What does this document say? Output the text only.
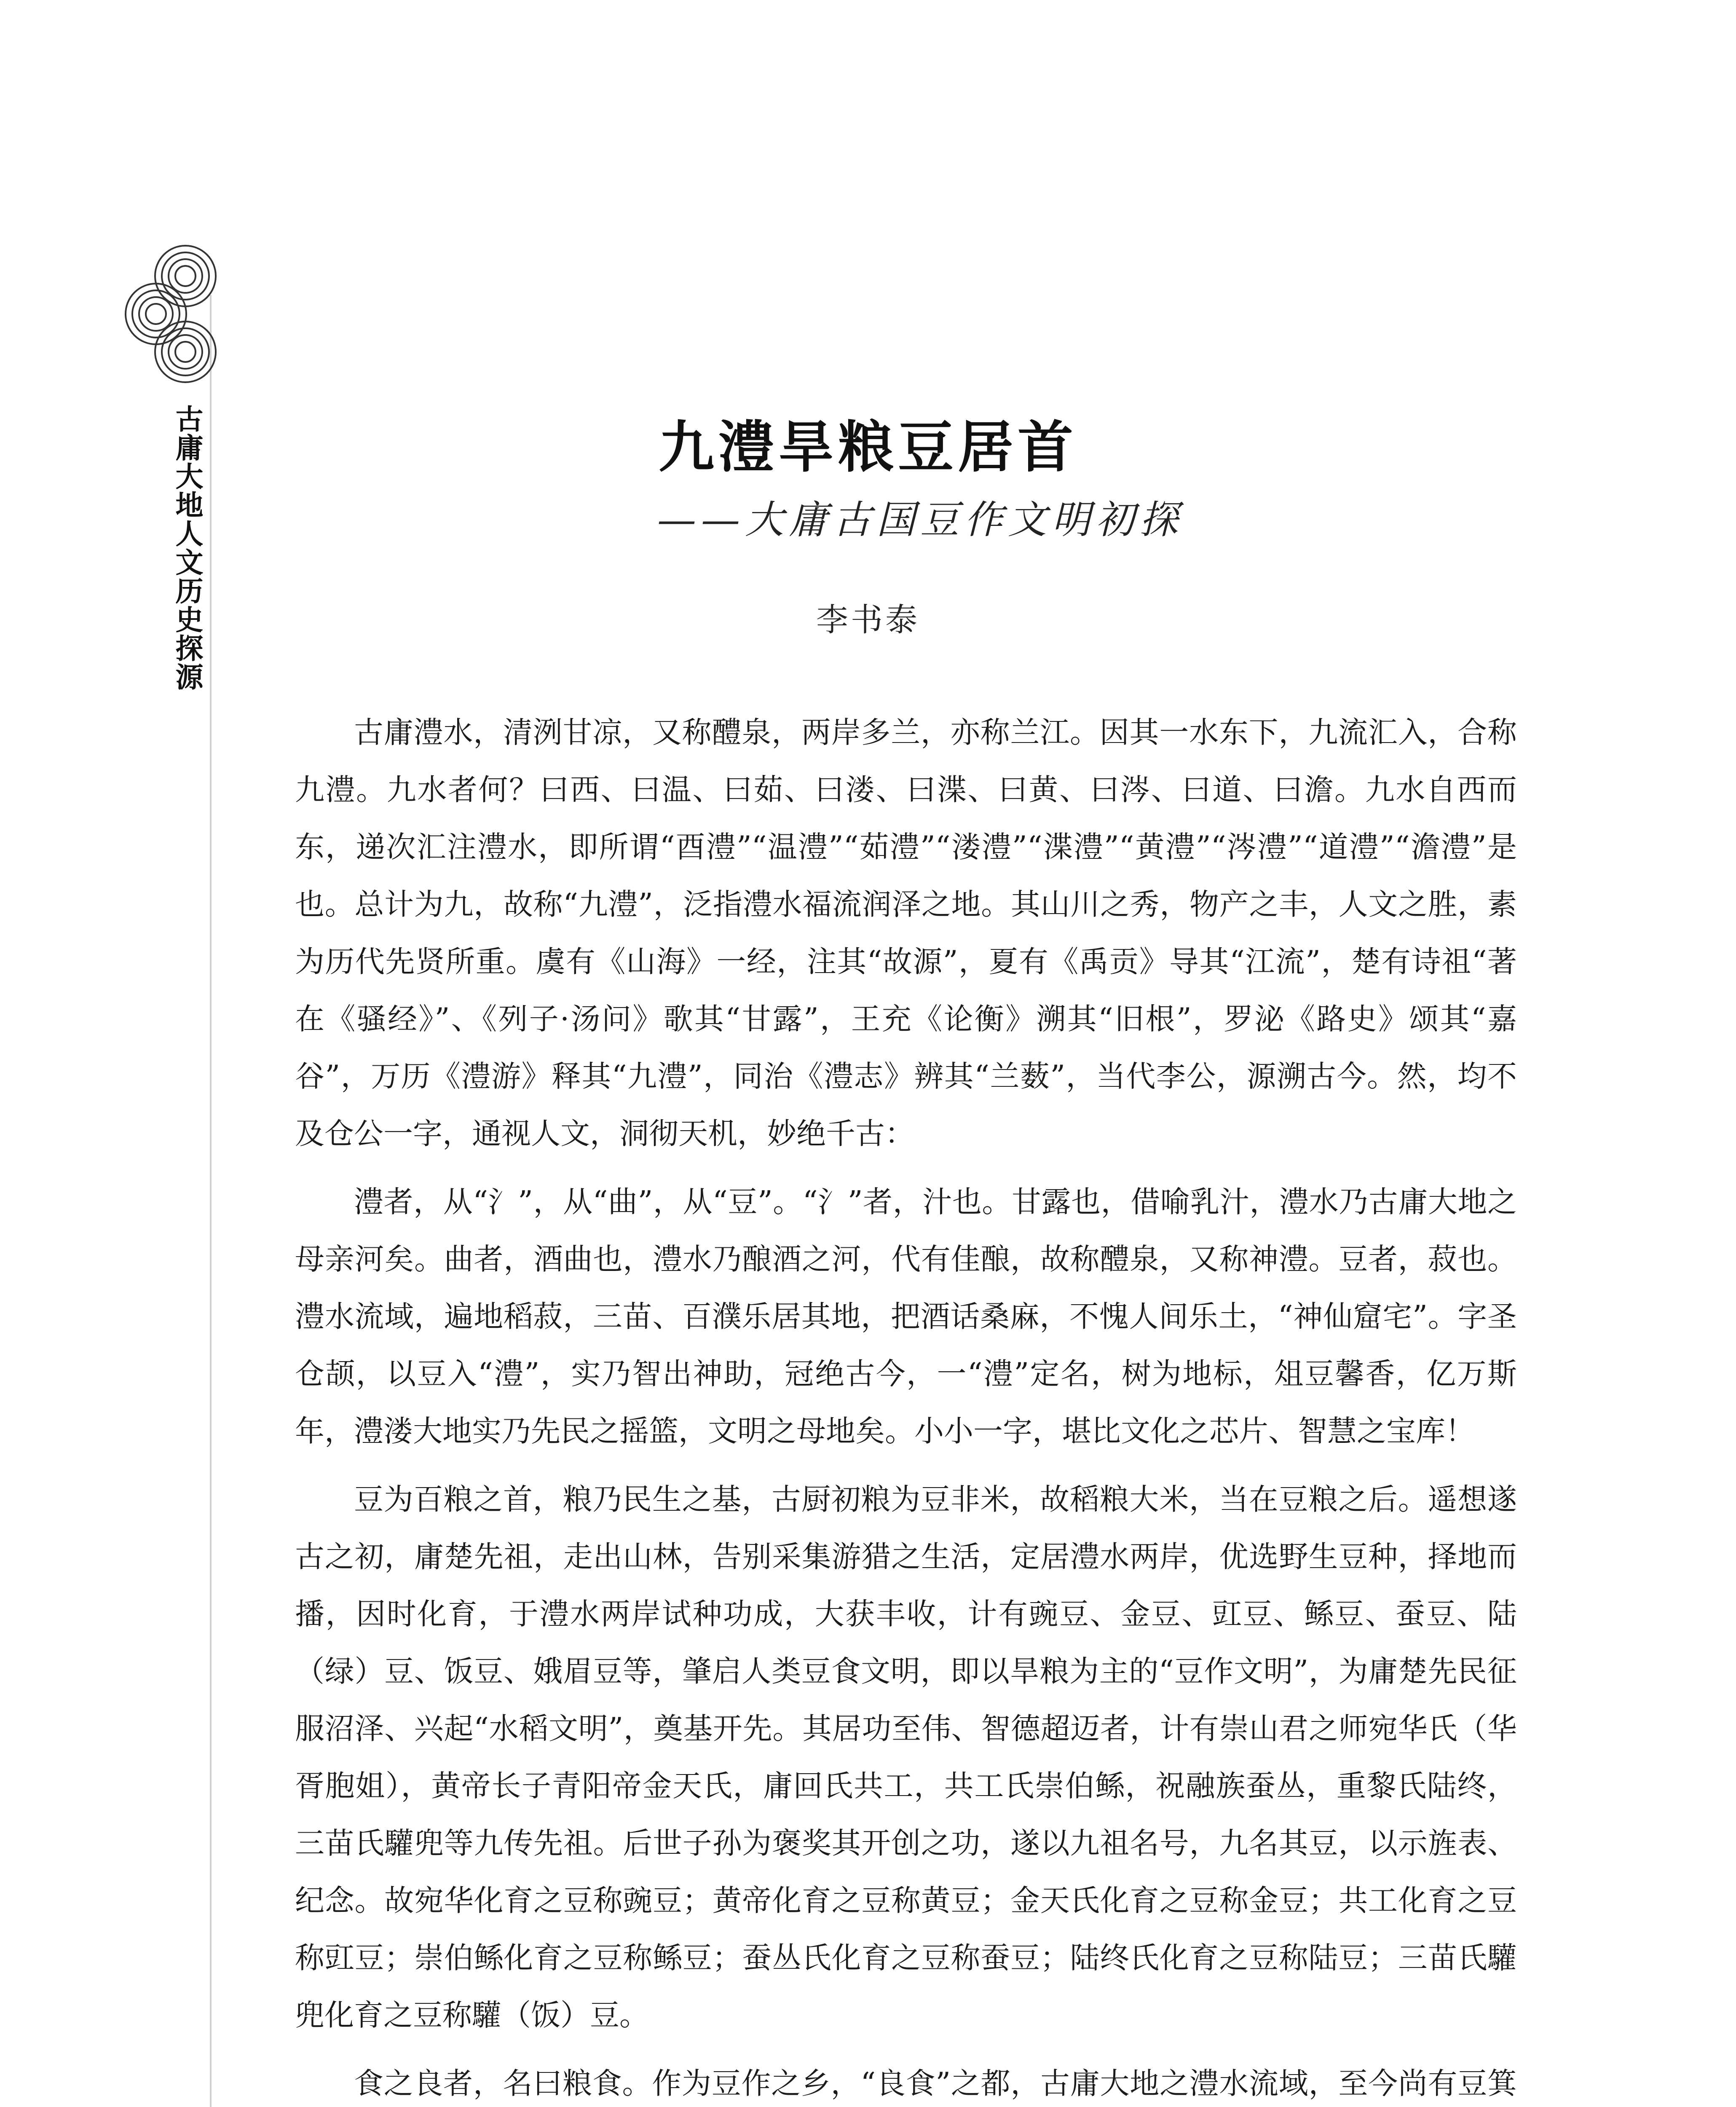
古庸大地人文历史探源	九澧旱粮豆居首
——大庸古国豆作文明初探
李书泰

古庸澧水，清洌甘凉，又称醴泉，两岸多兰，亦称兰江。因其一水东下，九流汇入，合称九澧。九水者何？曰西、曰温、曰茹、曰溇、曰渫、曰黄、曰涔、曰道、曰澹。九水自西而东，递次汇注澧水，即所谓“酉澧”“温澧”“茹澧”“溇澧”“渫澧”“黄澧”“涔澧”“道澧”“澹澧”是也。总计为九，故称“九澧”，泛指澧水福流润泽之地。其山川之秀，物产之丰，人文之胜，素为历代先贤所重。虞有《山海》一经，注其“故源”，夏有《禹贡》导其“江流”，楚有诗祖“著在《骚经》”、《列子·汤问》歌其“甘露”，王充《论衡》溯其“旧根”，罗泌《路史》颂其“嘉谷”，万历《澧游》释其“九澧”，同治《澧志》辨其“兰薮”，当代李公，源溯古今。然，均不及仓公一字，通视人文，洞彻天机，妙绝千古：

澧者，从“氵”，从“曲”，从“豆”。“氵”者，汁也。甘露也，借喻乳汁，澧水乃古庸大地之母亲河矣。曲者，酒曲也，澧水乃酿酒之河，代有佳酿，故称醴泉，又称神澧。豆者，菽也。澧水流域，遍地稻菽，三苗、百濮乐居其地，把酒话桑麻，不愧人间乐土，“神仙窟宅”。字圣仓颉，以豆入“澧”，实乃智出神助，冠绝古今，一“澧”定名，树为地标，俎豆馨香，亿万斯年，澧溇大地实乃先民之摇篮，文明之母地矣。小小一字，堪比文化之芯片、智慧之宝库！

豆为百粮之首，粮乃民生之基，古厨初粮为豆非米，故稻粮大米，当在豆粮之后。遥想遂古之初，庸楚先祖，走出山林，告别采集游猎之生活，定居澧水两岸，优选野生豆种，择地而播，因时化育，于澧水两岸试种功成，大获丰收，计有豌豆、金豆、豇豆、鲧豆、蚕豆、陆（绿）豆、饭豆、娥眉豆等，肇启人类豆食文明，即以旱粮为主的“豆作文明”，为庸楚先民征服沼泽、兴起“水稻文明”，奠基开先。其居功至伟、智德超迈者，计有崇山君之师宛华氏（华胥胞姐），黄帝长子青阳帝金天氏，庸回氏共工，共工氏崇伯鲧，祝融族蚕丛，重黎氏陆终，三苗氏驩兜等九传先祖。后世子孙为褒奖其开创之功，遂以九祖名号，九名其豆，以示旌表、纪念。故宛华化育之豆称豌豆；黄帝化育之豆称黄豆；金天氏化育之豆称金豆；共工化育之豆称豇豆；崇伯鲧化育之豆称鲧豆；蚕丛氏化育之豆称蚕豆；陆终氏化育之豆称陆豆；三苗氏驩兜化育之豆称驩（饭）豆。

食之良者，名曰粮食。作为豆作之乡，“良食”之都，古庸大地之澧水流域，至今尚有豆箕
